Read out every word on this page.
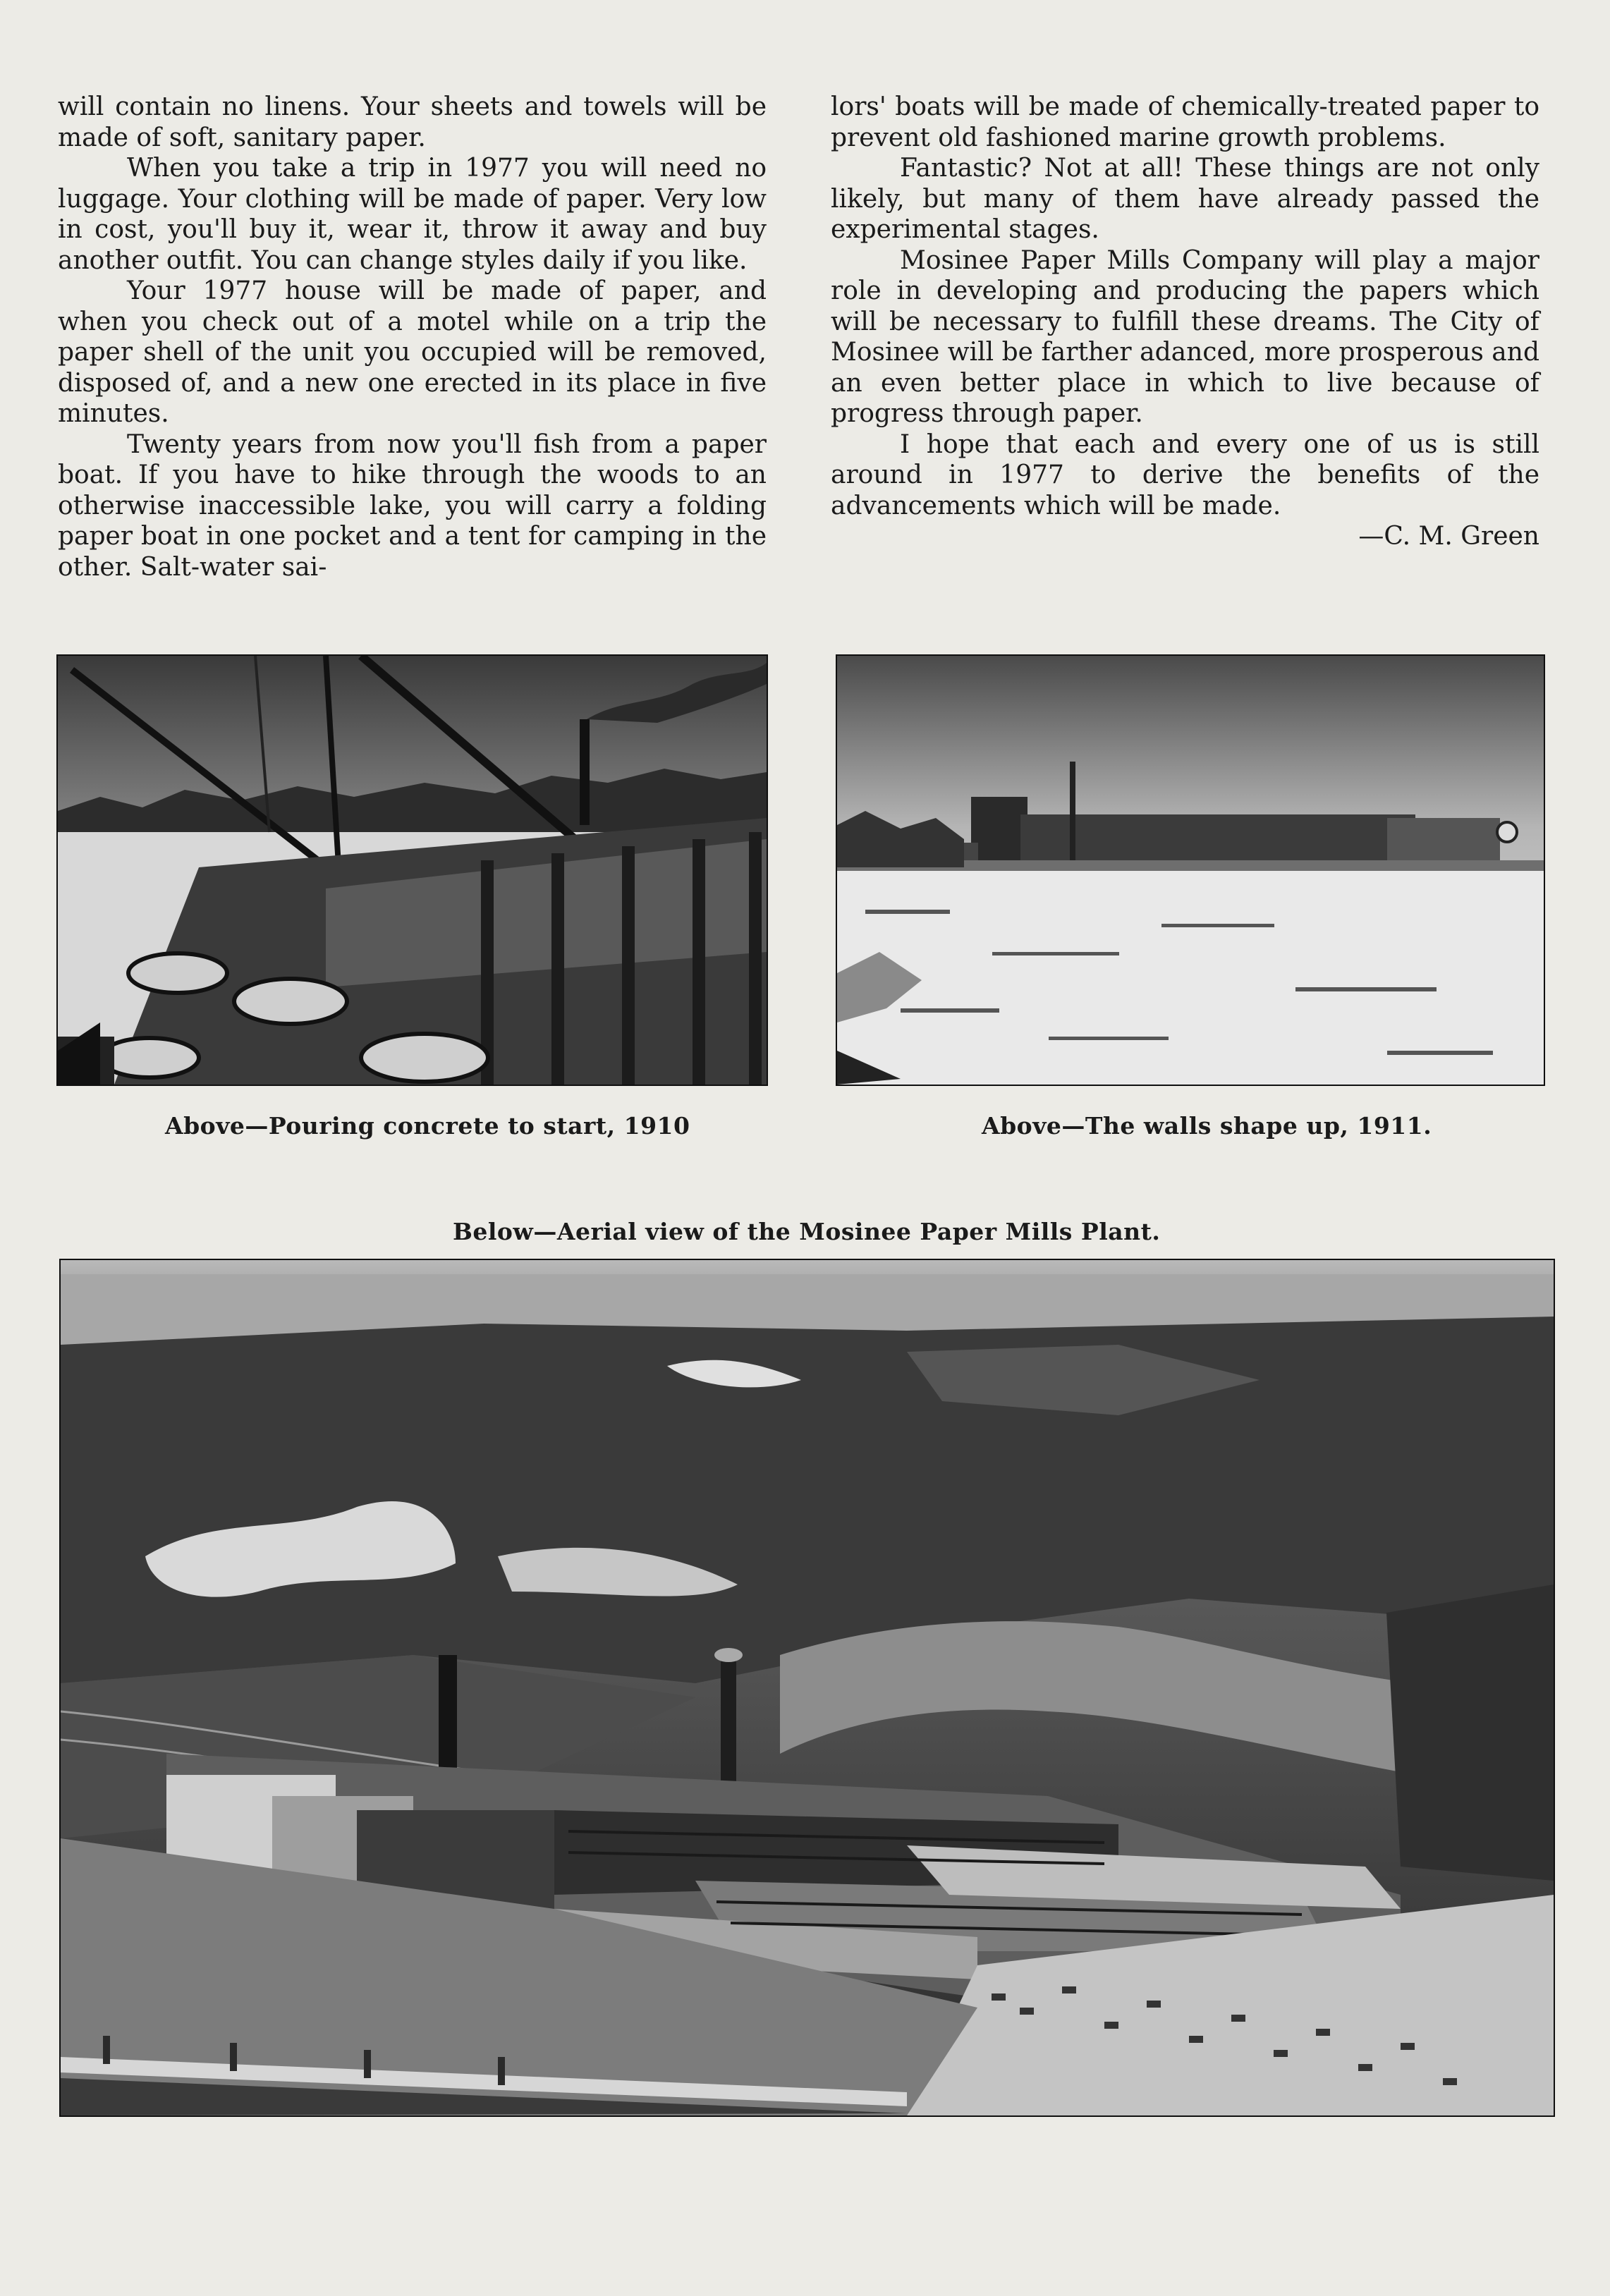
will contain no linens. Your sheets and towels will be made of soft, sanitary paper.

When you take a trip in 1977 you will need no luggage. Your clothing will be made of paper. Very low in cost, you'll buy it, wear it, throw it away and buy another outfit. You can change styles daily if you like.

Your 1977 house will be made of paper, and when you check out of a motel while on a trip the paper shell of the unit you occupied will be removed, disposed of, and a new one erected in its place in five minutes.

Twenty years from now you'll fish from a paper boat. If you have to hike through the woods to an otherwise inaccessible lake, you will carry a folding paper boat in one pocket and a tent for camping in the other. Salt-water sai-

lors' boats will be made of chemically-treated paper to prevent old fashioned marine growth problems.

Fantastic? Not at all! These things are not only likely, but many of them have already passed the experimental stages.

Mosinee Paper Mills Company will play a major role in developing and producing the papers which will be necessary to fulfill these dreams. The City of Mosinee will be farther adanced, more prosperous and an even better place in which to live because of progress through paper.

I hope that each and every one of us is still around in 1977 to derive the benefits of the advancements which will be made.

—C. M. Green

Above—Pouring concrete to start, 1910	Above—The walls shape up, 1911.
Below—Aerial view of the Mosinee Paper Mills Plant.
